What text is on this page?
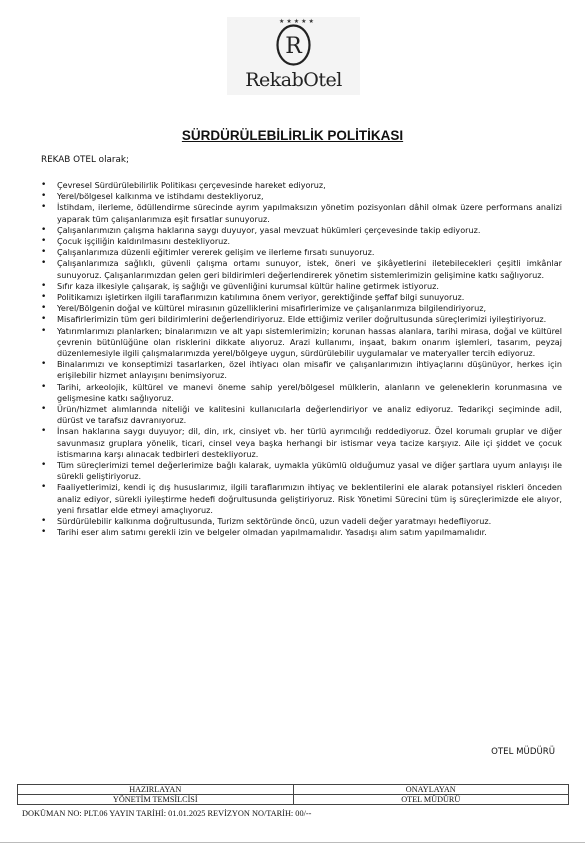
★★★★★
R
RekabOtel
SÜRDÜRÜLEBİLİRLİK POLİTİKASI
REKAB OTEL olarak;
• Çevresel Sürdürülebilirlik Politikası çerçevesinde hareket ediyoruz,
• Yerel/bölgesel kalkınma ve istihdamı destekliyoruz,
• İstihdam, ilerleme, ödüllendirme sürecinde ayrım yapılmaksızın yönetim pozisyonları dâhil olmak üzere performans analizi yaparak tüm çalışanlarımıza eşit fırsatlar sunuyoruz.
• Çalışanlarımızın çalışma haklarına saygı duyuyor, yasal mevzuat hükümleri çerçevesinde takip ediyoruz.
• Çocuk işçiliğin kaldırılmasını destekliyoruz.
• Çalışanlarımıza düzenli eğitimler vererek gelişim ve ilerleme fırsatı sunuyoruz.
• Çalışanlarımıza sağlıklı, güvenli çalışma ortamı sunuyor, istek, öneri ve şikâyetlerini iletebilecekleri çeşitli imkânlar sunuyoruz. Çalışanlarımızdan gelen geri bildirimleri değerlendirerek yönetim sistemlerimizin gelişimine katkı sağlıyoruz.
• Sıfır kaza ilkesiyle çalışarak, iş sağlığı ve güvenliğini kurumsal kültür haline getirmek istiyoruz.
• Politikamızı işletirken ilgili taraflarımızın katılımına önem veriyor, gerektiğinde şeffaf bilgi sunuyoruz.
• Yerel/Bölgenin doğal ve kültürel mirasının güzelliklerini misafirlerimize ve çalışanlarımıza bilgilendiriyoruz,
• Misafirlerimizin tüm geri bildirimlerini değerlendiriyoruz. Elde ettiğimiz veriler doğrultusunda süreçlerimizi iyileştiriyoruz.
• Yatırımlarımızı planlarken; binalarımızın ve alt yapı sistemlerimizin; korunan hassas alanlara, tarihi mirasa, doğal ve kültürel çevrenin bütünlüğüne olan risklerini dikkate alıyoruz. Arazi kullanımı, inşaat, bakım onarım işlemleri, tasarım, peyzaj düzenlemesiyle ilgili çalışmalarımızda yerel/bölgeye uygun, sürdürülebilir uygulamalar ve materyaller tercih ediyoruz.
• Binalarımızı ve konseptimizi tasarlarken, özel ihtiyacı olan misafir ve çalışanlarımızın ihtiyaçlarını düşünüyor, herkes için erişilebilir hizmet anlayışını benimsiyoruz.
• Tarihi, arkeolojik, kültürel ve manevi öneme sahip yerel/bölgesel mülklerin, alanların ve geleneklerin korunmasına ve gelişmesine katkı sağlıyoruz.
• Ürün/hizmet alımlarında niteliği ve kalitesini kullanıcılarla değerlendiriyor ve analiz ediyoruz. Tedarikçi seçiminde adil, dürüst ve tarafsız davranıyoruz.
• İnsan haklarına saygı duyuyor; dil, din, ırk, cinsiyet vb. her türlü ayrımcılığı reddediyoruz. Özel korumalı gruplar ve diğer savunmasız gruplara yönelik, ticari, cinsel veya başka herhangi bir istismar veya tacize karşıyız. Aile içi şiddet ve çocuk istismarına karşı alınacak tedbirleri destekliyoruz.
• Tüm süreçlerimizi temel değerlerimize bağlı kalarak, uymakla yükümlü olduğumuz yasal ve diğer şartlara uyum anlayışı ile sürekli geliştiriyoruz.
• Faaliyetlerimizi, kendi iç dış hususlarımız, ilgili taraflarımızın ihtiyaç ve beklentilerini ele alarak potansiyel riskleri önceden analiz ediyor, sürekli iyileştirme hedefi doğrultusunda geliştiriyoruz. Risk Yönetimi Sürecini tüm iş süreçlerimizde ele alıyor, yeni fırsatlar elde etmeyi amaçlıyoruz.
• Sürdürülebilir kalkınma doğrultusunda, Turizm sektöründe öncü, uzun vadeli değer yaratmayı hedefliyoruz.
• Tarihi eser alım satımı gerekli izin ve belgeler olmadan yapılmamalıdır. Yasadışı alım satım yapılmamalıdır.
OTEL MÜDÜRÜ
HAZIRLAYAN	ONAYLAYAN
YÖNETİM TEMSİLCİSİ	OTEL MÜDÜRÜ
DOKÜMAN NO: PLT.06 YAYIN TARİHİ: 01.01.2025 REVİZYON NO/TARİH: 00/--
